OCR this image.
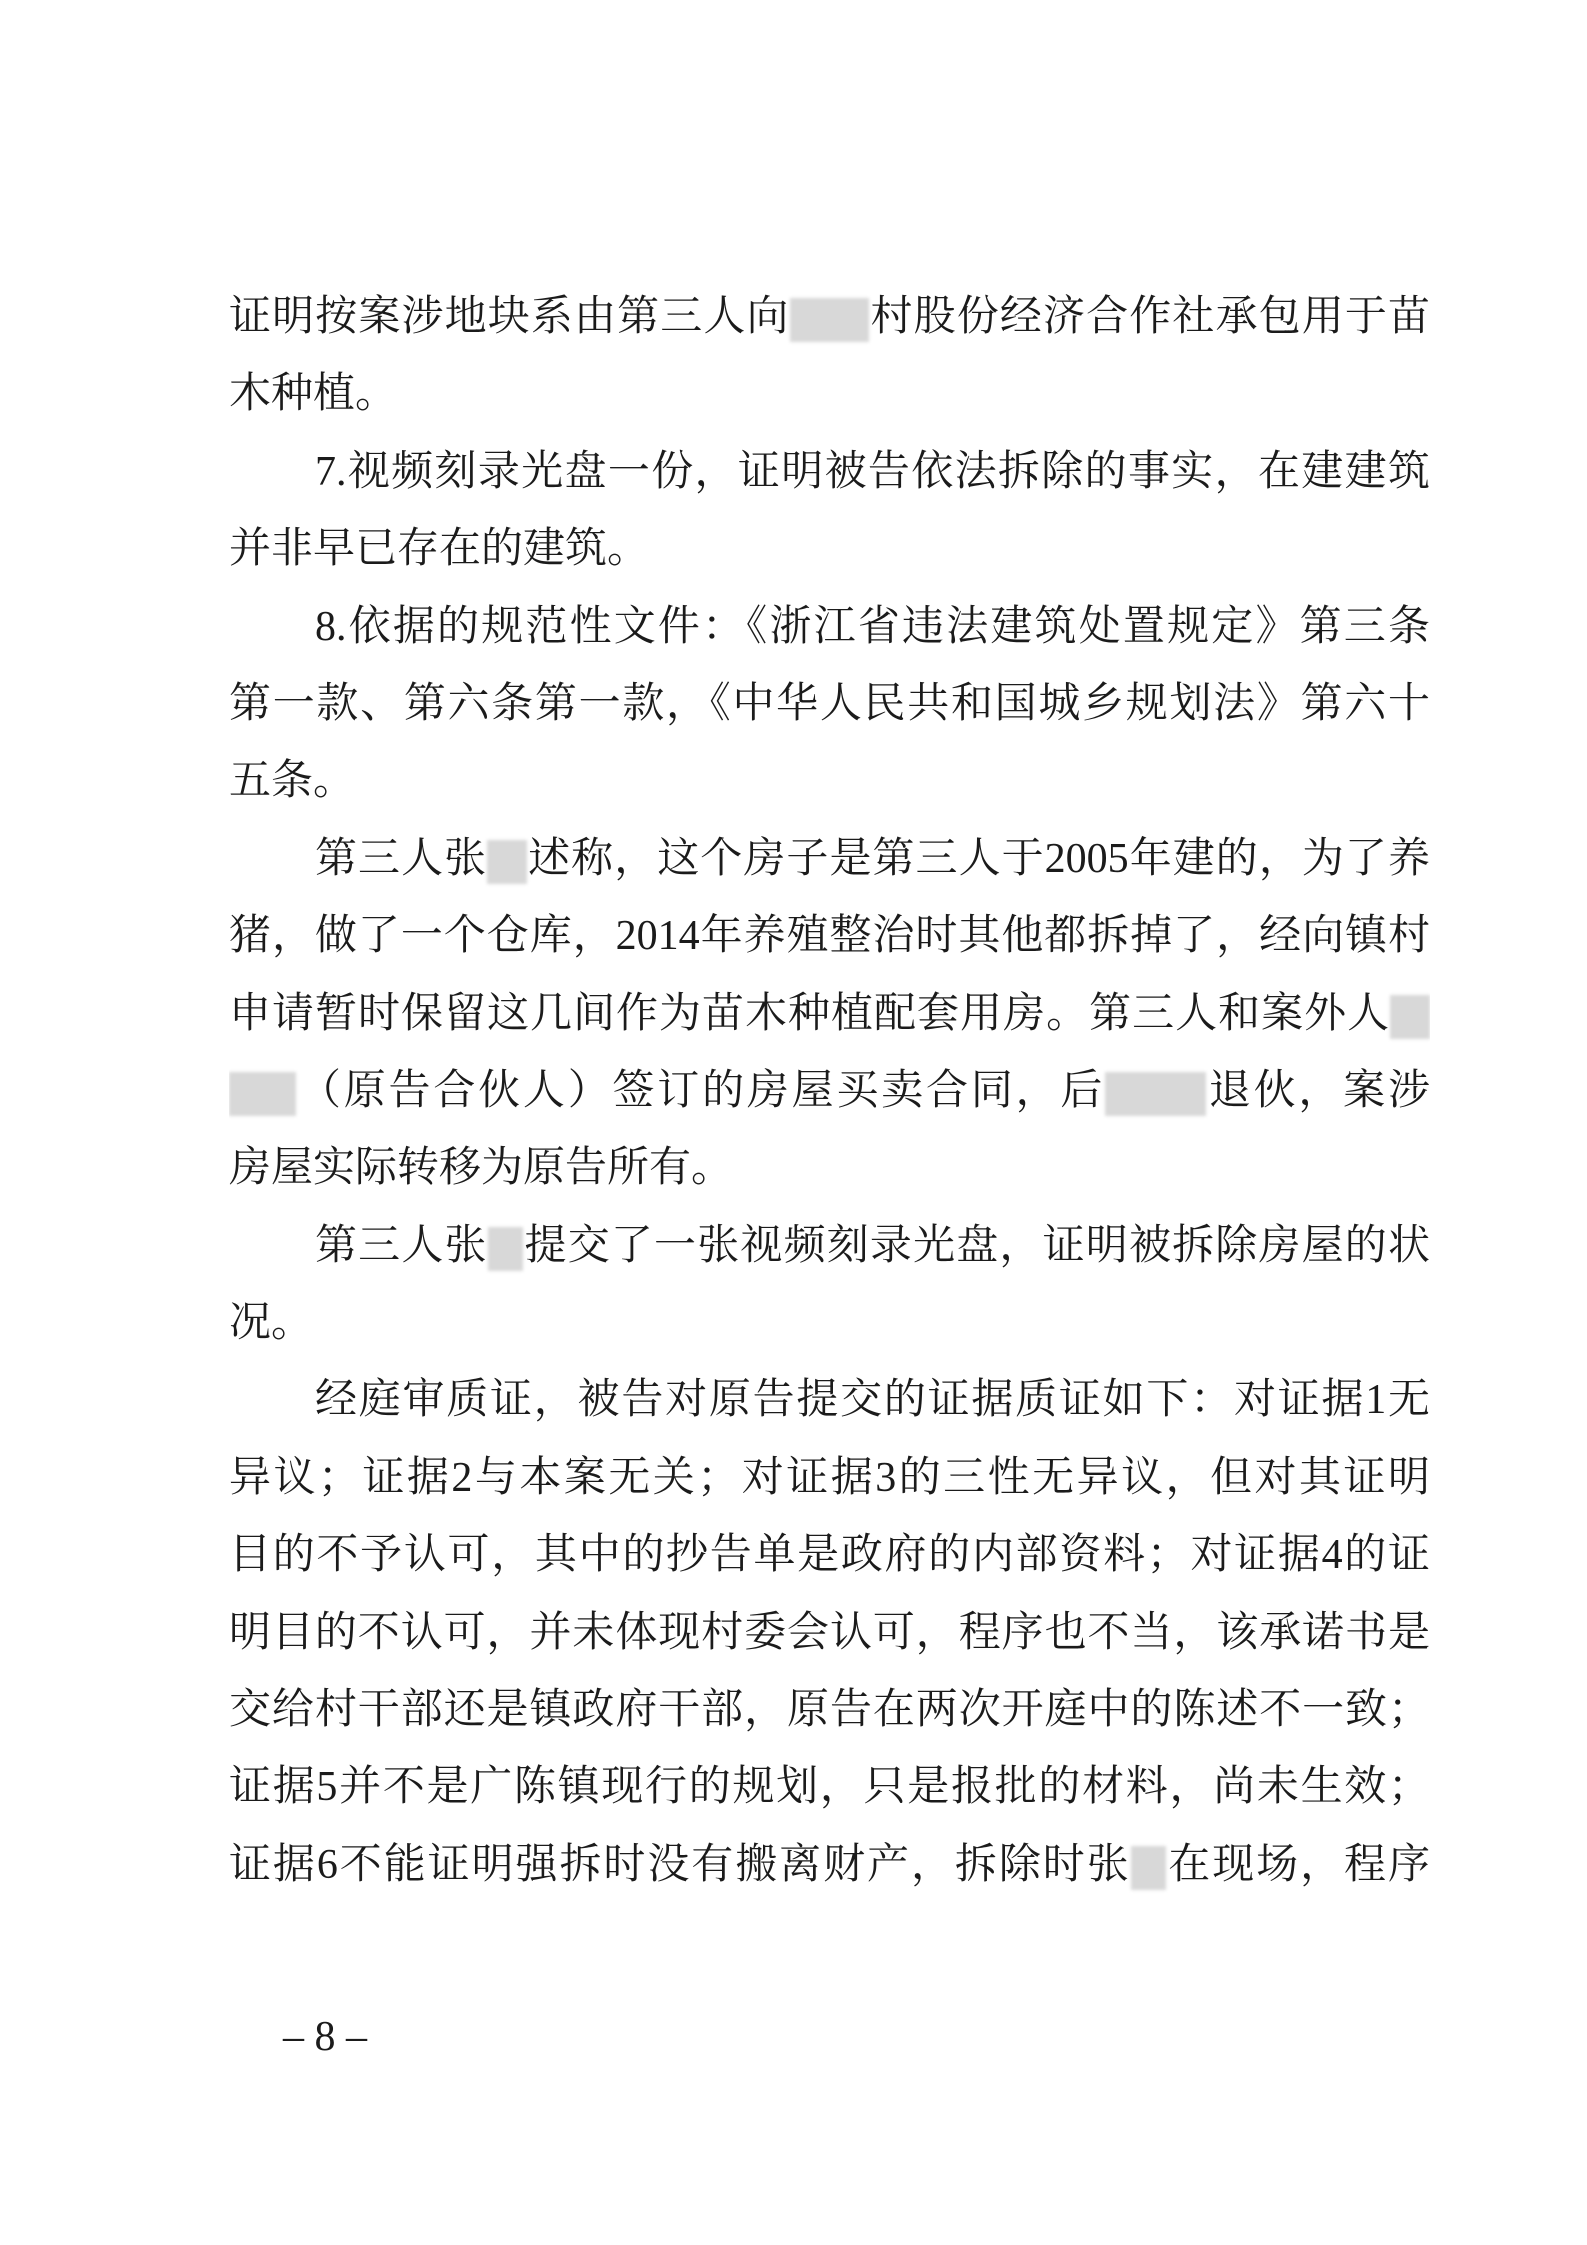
证明按案涉地块系由第三人向 村股份经济合作社承包用于苗
木种植。
7.视频刻录光盘一份，证明被告依法拆除的事实，在建建筑
并非早已存在的建筑。
8.依据的规范性文件：《浙江省违法建筑处置规定》第三条
第一款、第六条第一款，《中华人民共和国城乡规划法》第六十
五条。
第三人张 述称，这个房子是第三人于2005年建的，为了养
猪，做了一个仓库，2014年养殖整治时其他都拆掉了，经向镇村
申请暂时保留这几间作为苗木种植配套用房。第三人和案外人
（原告合伙人）签订的房屋买卖合同，后 退伙，案涉
房屋实际转移为原告所有。
第三人张 提交了一张视频刻录光盘，证明被拆除房屋的状
况。
经庭审质证，被告对原告提交的证据质证如下：对证据1无
异议；证据2与本案无关；对证据3的三性无异议，但对其证明
目的不予认可，其中的抄告单是政府的内部资料；对证据4的证
明目的不认可，并未体现村委会认可，程序也不当，该承诺书是
交给村干部还是镇政府干部，原告在两次开庭中的陈述不一致；
证据5并不是广陈镇现行的规划，只是报批的材料，尚未生效；
证据6不能证明强拆时没有搬离财产，拆除时张 在现场，程序
– 8 –
